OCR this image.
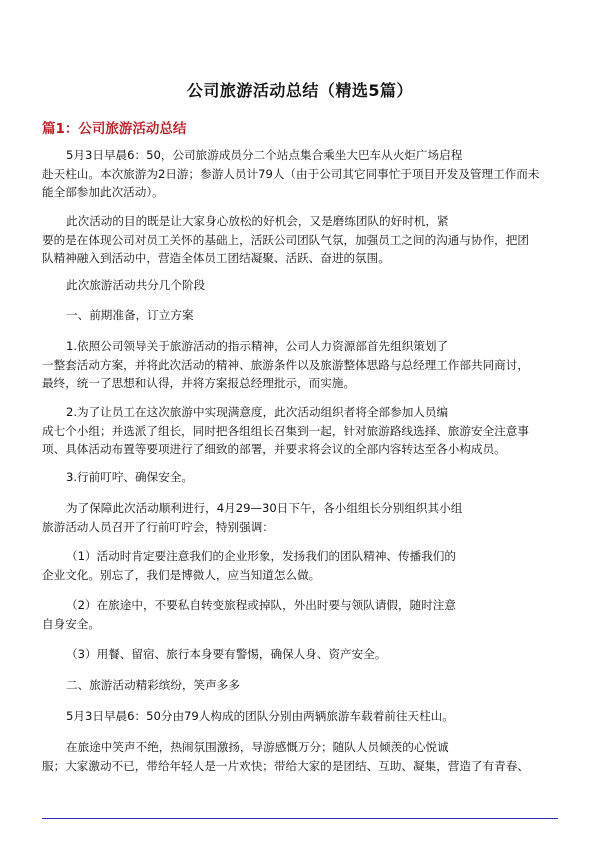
公司旅游活动总结（精选5篇）
篇1：公司旅游活动总结
5月3日早晨6：50，公司旅游成员分二个站点集合乘坐大巴车从火炬广场启程
赴天柱山。本次旅游为2日游；参游人员计79人（由于公司其它同事忙于项目开发及管理工作而未
能全部参加此次活动）。
此次活动的目的既是让大家身心放松的好机会，又是磨练团队的好时机，紧
要的是在体现公司对员工关怀的基础上，活跃公司团队气氛，加强员工之间的沟通与协作，把团
队精神融入到活动中，营造全体员工团结凝聚、活跃、奋进的氛围。
此次旅游活动共分几个阶段
一、前期准备，订立方案
1.依照公司领导关于旅游活动的指示精神，公司人力资源部首先组织策划了
一整套活动方案，并将此次活动的精神、旅游条件以及旅游整体思路与总经理工作部共同商讨，
最终，统一了思想和认得，并将方案报总经理批示，而实施。
2.为了让员工在这次旅游中实现满意度，此次活动组织者将全部参加人员编
成七个小组；并选派了组长，同时把各组组长召集到一起，针对旅游路线选择、旅游安全注意事
项、具体活动布置等要项进行了细致的部署，并要求将会议的全部内容转达至各小构成员。
3.行前叮咛、确保安全。
为了保障此次活动顺利进行，4月29—30日下午，各小组组长分别组织其小组
旅游活动人员召开了行前叮咛会，特别强调：
（1）活动时肯定要注意我们的企业形象，发扬我们的团队精神、传播我们的
企业文化。别忘了，我们是博微人，应当知道怎么做。
（2）在旅途中，不要私自转变旅程或掉队，外出时要与领队请假，随时注意
自身安全。
（3）用餐、留宿、旅行本身要有警惕，确保人身、资产安全。
二、旅游活动精彩缤纷，笑声多多
5月3日早晨6：50分由79人构成的团队分别由两辆旅游车载着前往天柱山。
在旅途中笑声不绝，热闹氛围激扬，导游感慨万分；随队人员倾羡的心悦诚
服；大家激动不已，带给年轻人是一片欢快；带给大家的是团结、互助、凝集，营造了有青春、
